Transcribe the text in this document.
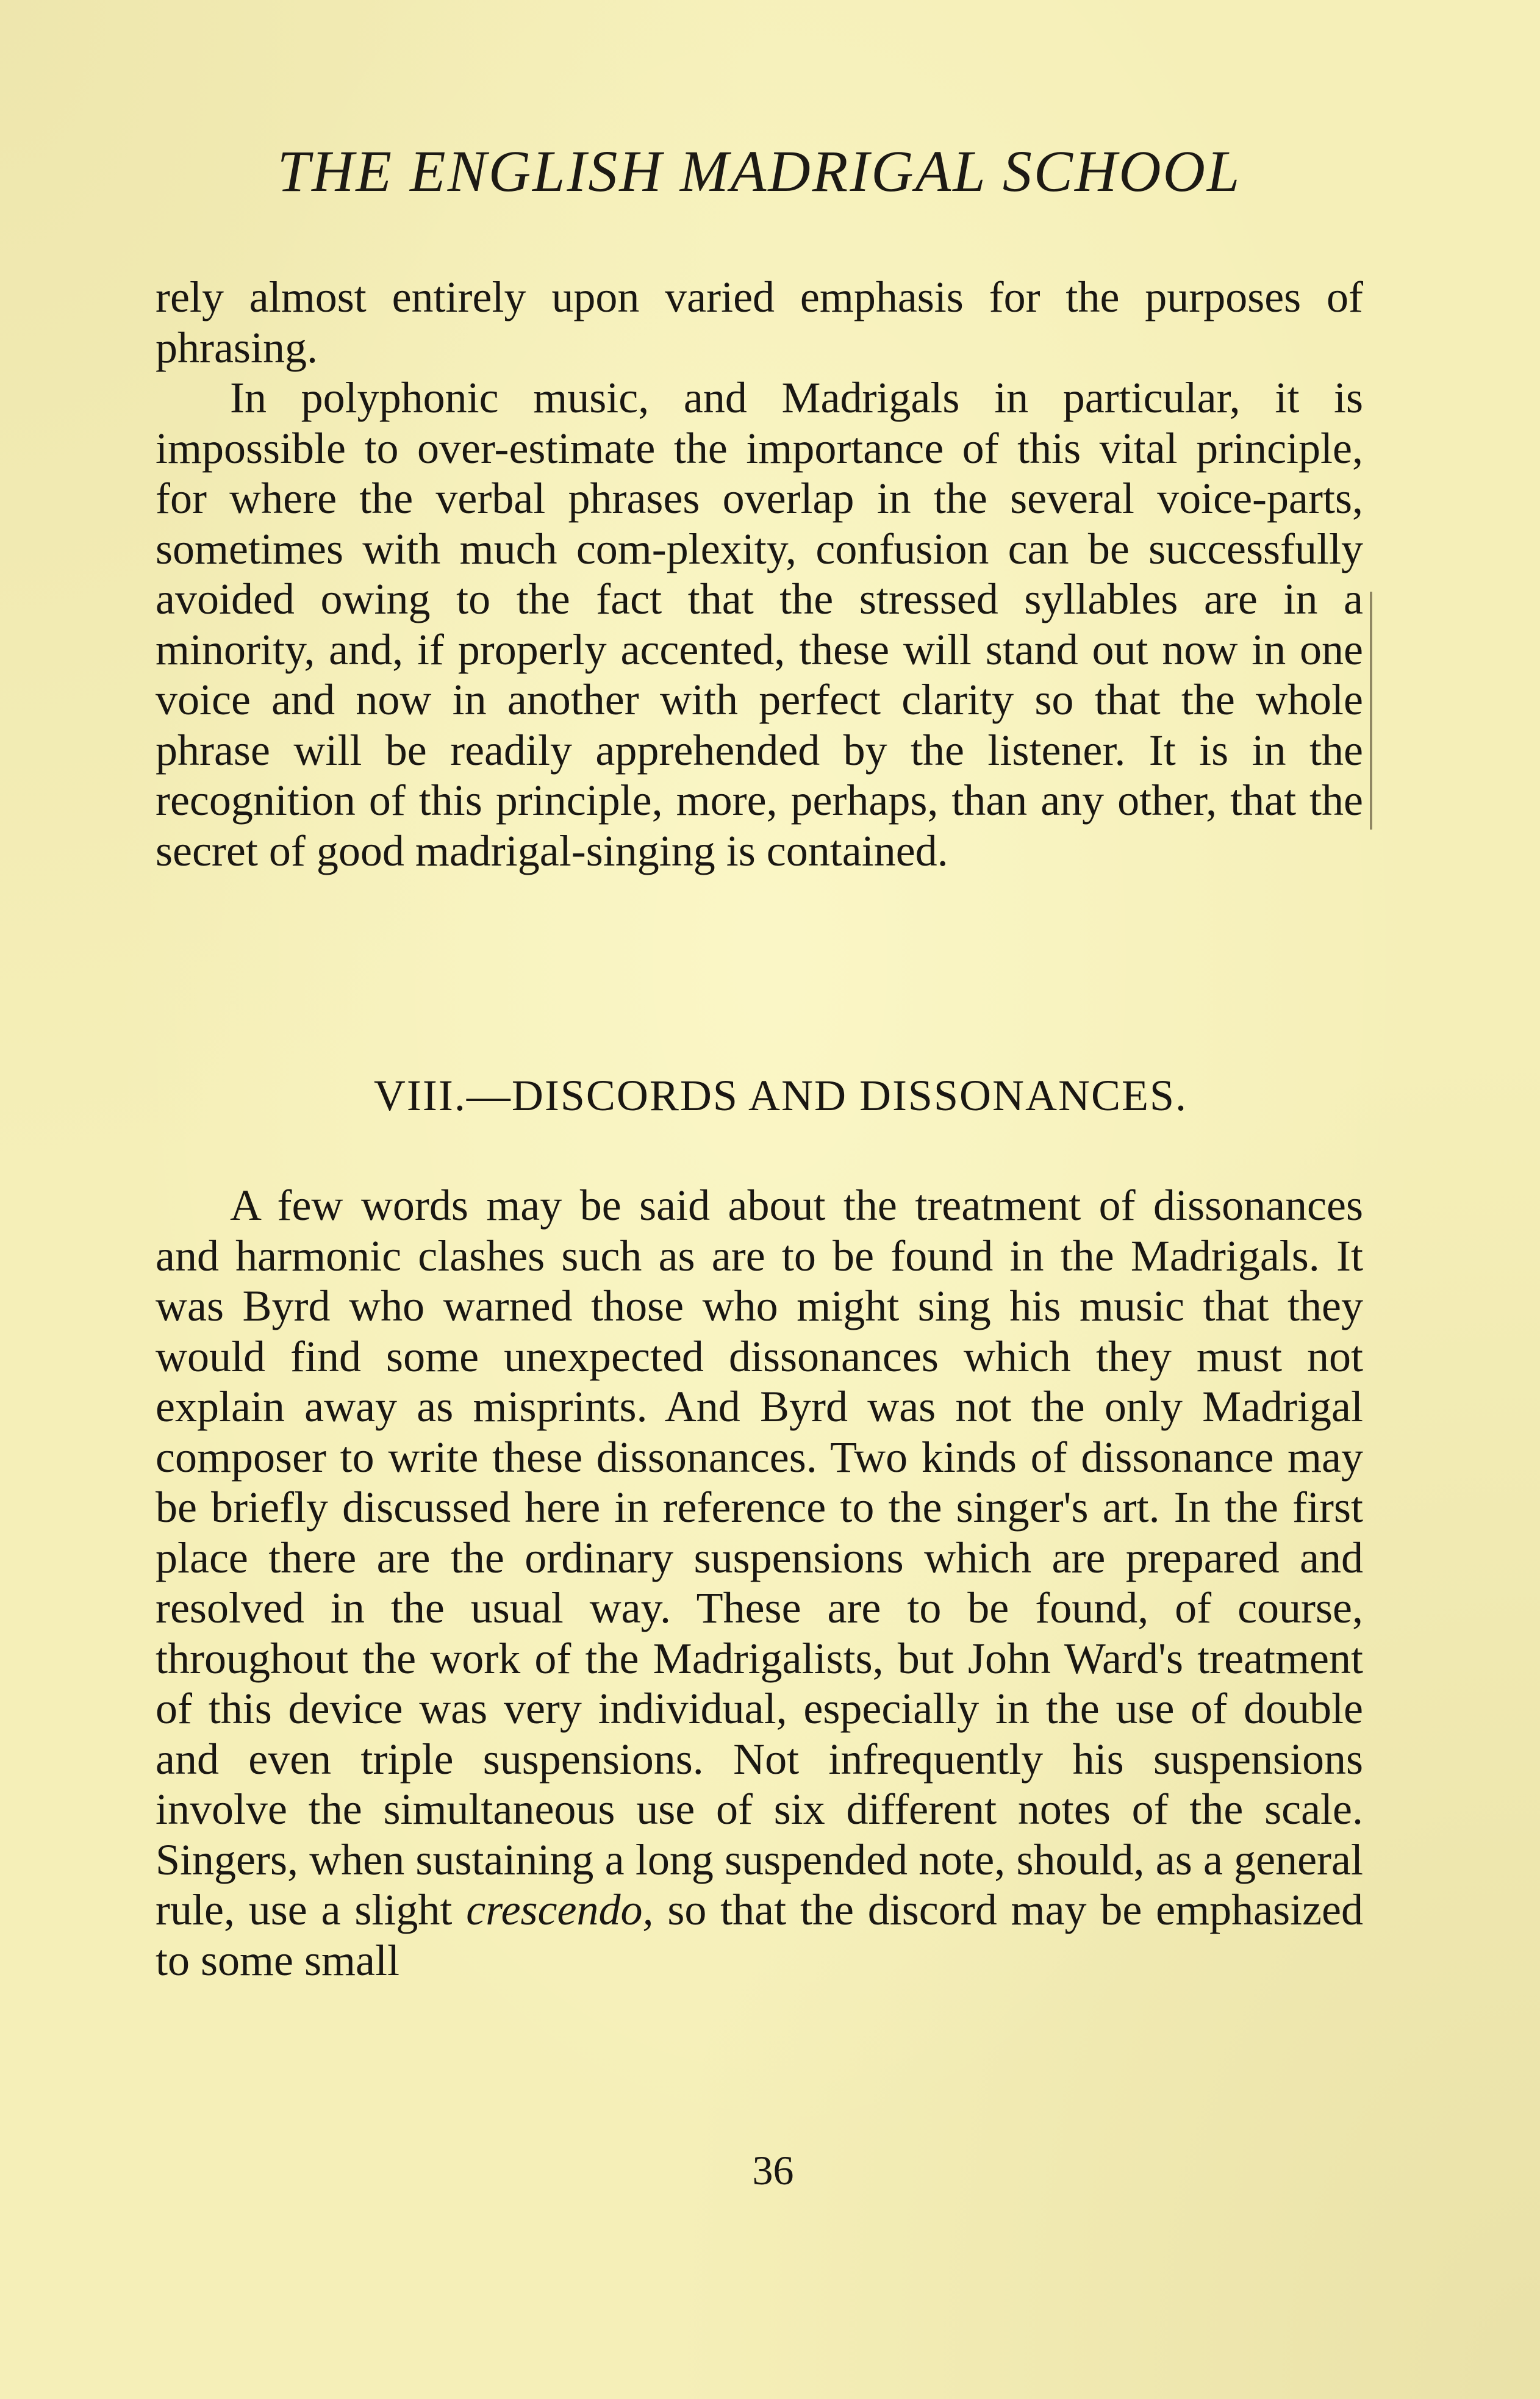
THE ENGLISH MADRIGAL SCHOOL

rely almost entirely upon varied emphasis for the purposes of phrasing.

In polyphonic music, and Madrigals in particular, it is impossible to over-estimate the importance of this vital principle, for where the verbal phrases overlap in the several voice-parts, sometimes with much com-plexity, confusion can be successfully avoided owing to the fact that the stressed syllables are in a minority, and, if properly accented, these will stand out now in one voice and now in another with perfect clarity so that the whole phrase will be readily apprehended by the listener. It is in the recognition of this principle, more, perhaps, than any other, that the secret of good madrigal-singing is contained.

VIII.—DISCORDS AND DISSONANCES.

A few words may be said about the treatment of dissonances and harmonic clashes such as are to be found in the Madrigals. It was Byrd who warned those who might sing his music that they would find some unexpected dissonances which they must not explain away as misprints. And Byrd was not the only Madrigal composer to write these dissonances. Two kinds of dissonance may be briefly discussed here in reference to the singer's art. In the first place there are the ordinary suspensions which are prepared and resolved in the usual way. These are to be found, of course, throughout the work of the Madrigalists, but John Ward's treatment of this device was very individual, especially in the use of double and even triple suspensions. Not infrequently his suspensions involve the simultaneous use of six different notes of the scale. Singers, when sustaining a long suspended note, should, as a general rule, use a slight crescendo, so that the discord may be emphasized to some small

36
